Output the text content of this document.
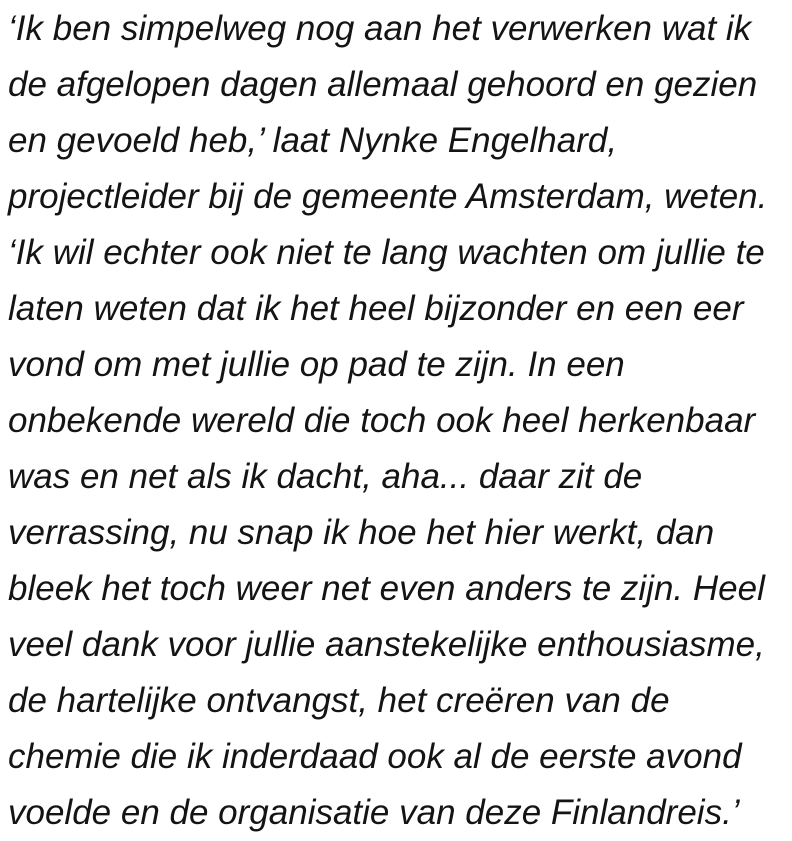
‘Ik ben simpelweg nog aan het verwerken wat ik
de afgelopen dagen allemaal gehoord en gezien
en gevoeld heb,’ laat Nynke Engelhard,
projectleider bij de gemeente Amsterdam, weten.
‘Ik wil echter ook niet te lang wachten om jullie te
laten weten dat ik het heel bijzonder en een eer
vond om met jullie op pad te zijn. In een
onbekende wereld die toch ook heel herkenbaar
was en net als ik dacht, aha... daar zit de
verrassing, nu snap ik hoe het hier werkt, dan
bleek het toch weer net even anders te zijn. Heel
veel dank voor jullie aanstekelijke enthousiasme,
de hartelijke ontvangst, het creëren van de
chemie die ik inderdaad ook al de eerste avond
voelde en de organisatie van deze Finlandreis.’
